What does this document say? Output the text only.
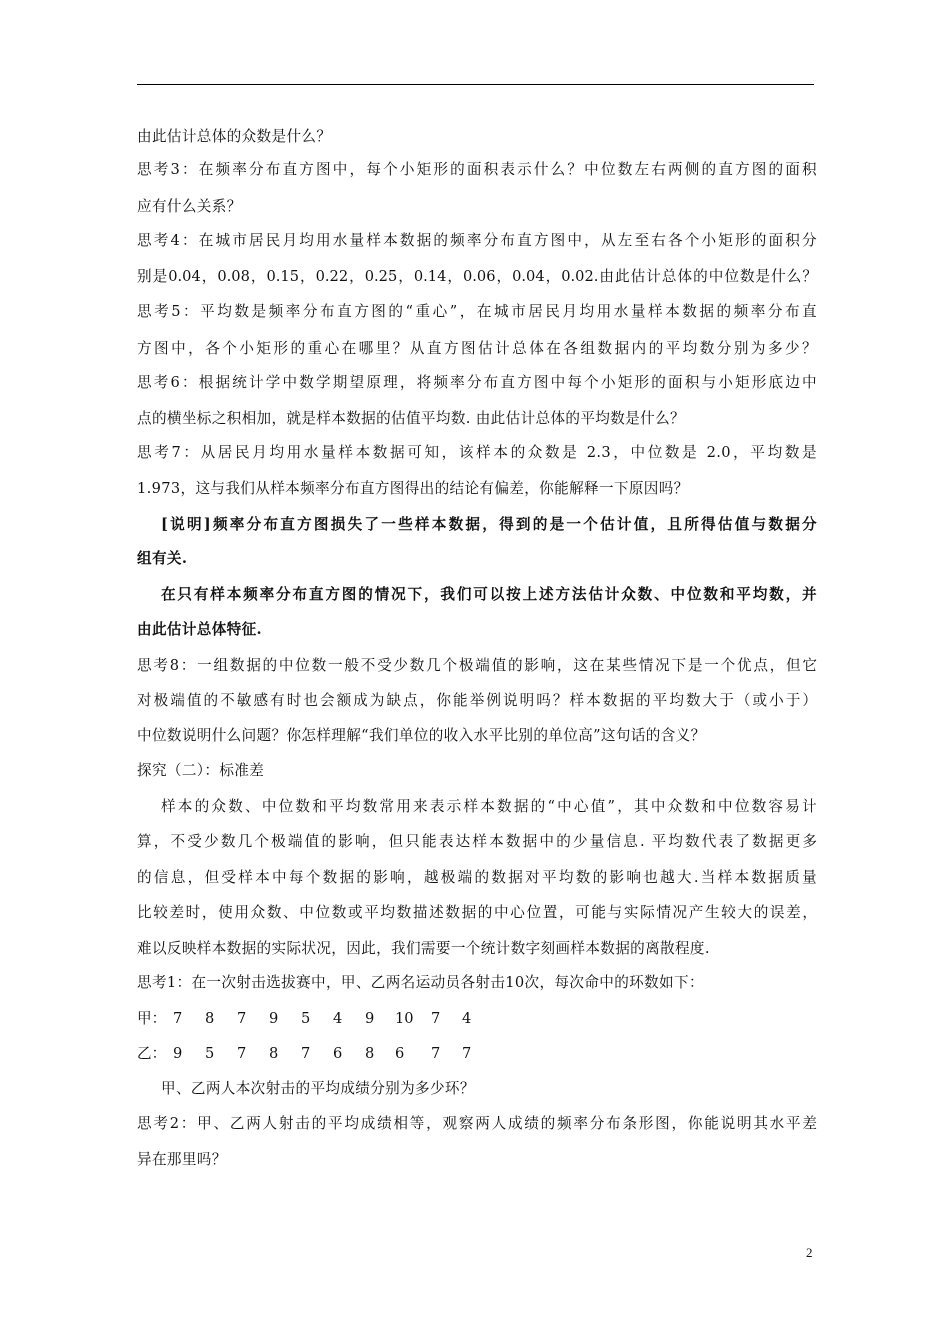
由此估计总体的众数是什么？
思考3：在频率分布直方图中，每个小矩形的面积表示什么？中位数左右两侧的直方图的面积
应有什么关系？
思考4：在城市居民月均用水量样本数据的频率分布直方图中，从左至右各个小矩形的面积分
别是0.04，0.08，0.15，0.22，0.25，0.14，0.06，0.04，0.02.由此估计总体的中位数是什么？
思考5：平均数是频率分布直方图的“重心”，在城市居民月均用水量样本数据的频率分布直
方图中，各个小矩形的重心在哪里？从直方图估计总体在各组数据内的平均数分别为多少？
思考6：根据统计学中数学期望原理，将频率分布直方图中每个小矩形的面积与小矩形底边中
点的横坐标之积相加，就是样本数据的估值平均数. 由此估计总体的平均数是什么？
思考7：从居民月均用水量样本数据可知，该样本的众数是 2.3，中位数是 2.0，平均数是
1.973，这与我们从样本频率分布直方图得出的结论有偏差，你能解释一下原因吗？
[说明]频率分布直方图损失了一些样本数据，得到的是一个估计值，且所得估值与数据分
组有关.
在只有样本频率分布直方图的情况下，我们可以按上述方法估计众数、中位数和平均数，并
由此估计总体特征.
思考8：一组数据的中位数一般不受少数几个极端值的影响，这在某些情况下是一个优点，但它
对极端值的不敏感有时也会额成为缺点，你能举例说明吗？样本数据的平均数大于（或小于）
中位数说明什么问题？你怎样理解“我们单位的收入水平比别的单位高”这句话的含义？
探究（二）：标准差
样本的众数、中位数和平均数常用来表示样本数据的“中心值”，其中众数和中位数容易计
算，不受少数几个极端值的影响，但只能表达样本数据中的少量信息. 平均数代表了数据更多
的信息，但受样本中每个数据的影响，越极端的数据对平均数的影响也越大.当样本数据质量
比较差时，使用众数、中位数或平均数描述数据的中心位置，可能与实际情况产生较大的误差，
难以反映样本数据的实际状况，因此，我们需要一个统计数字刻画样本数据的离散程度.
思考1：在一次射击选拔赛中，甲、乙两名运动员各射击10次，每次命中的环数如下：
甲： 7	8	7	9	5	4	9	10	7	4
乙： 9	5	7	8	7	6	8	6	7	7
甲、乙两人本次射击的平均成绩分别为多少环？
思考2：甲、乙两人射击的平均成绩相等，观察两人成绩的频率分布条形图，你能说明其水平差
异在那里吗？
2
